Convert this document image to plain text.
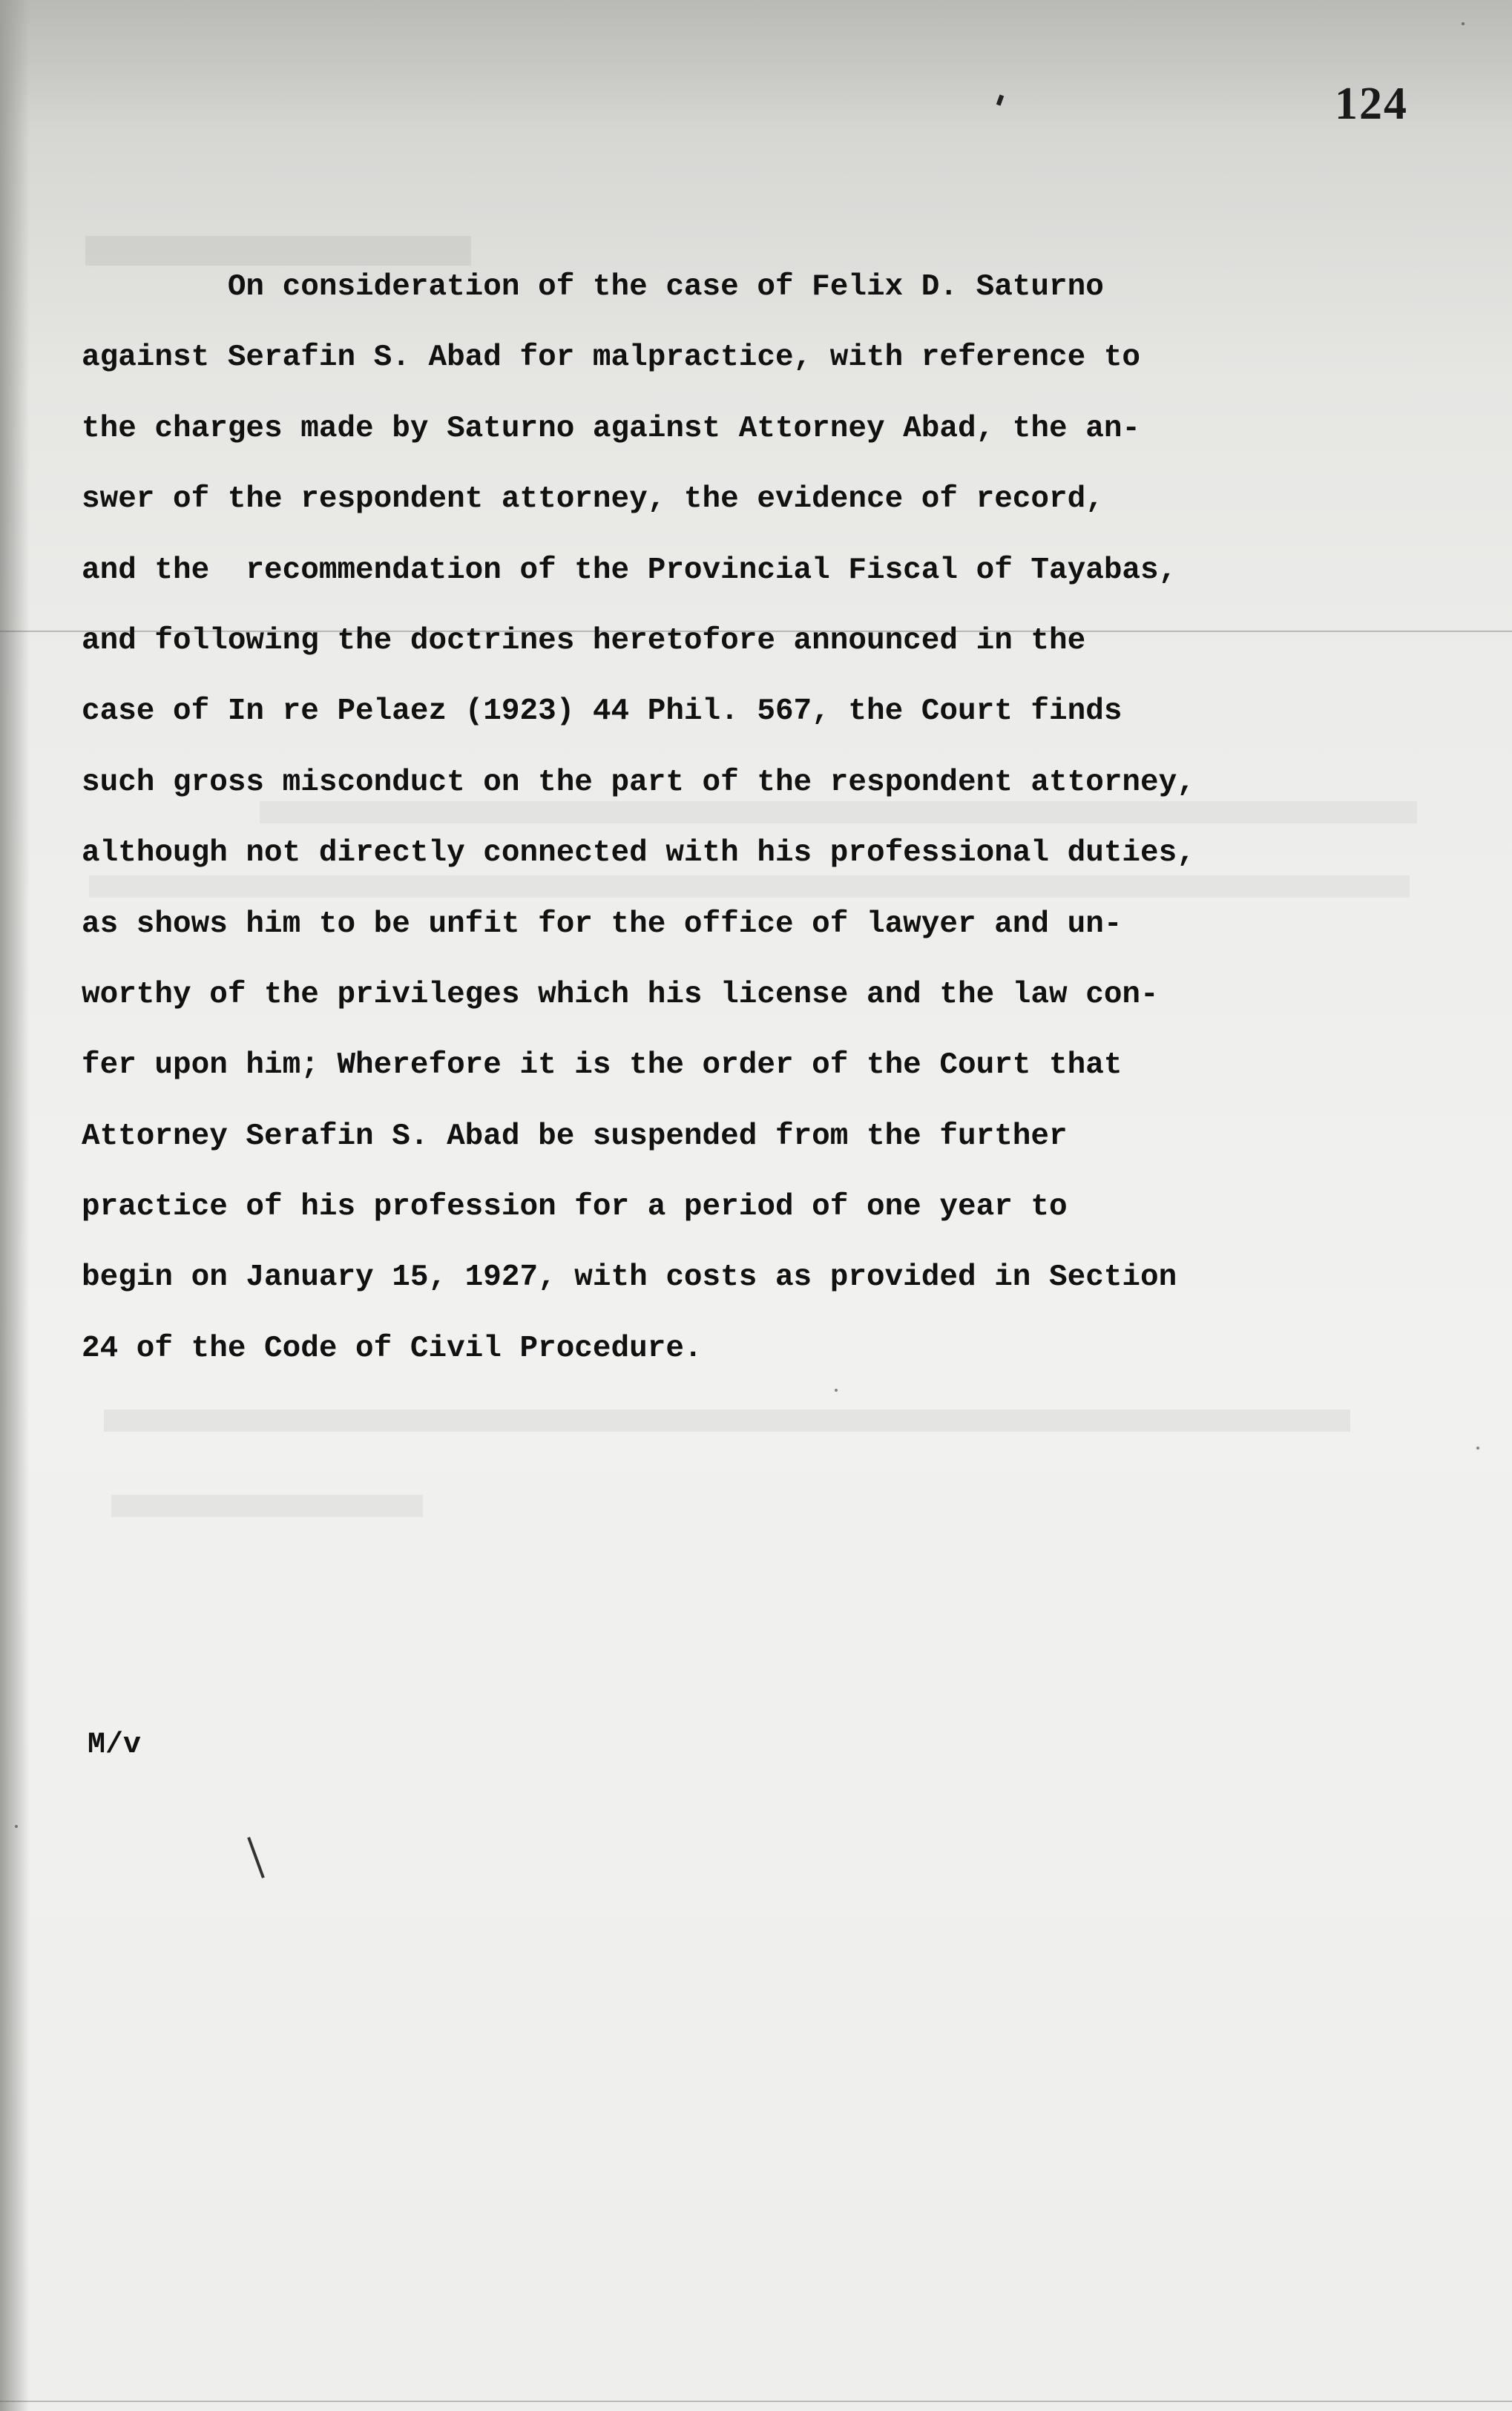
124
On consideration of the case of Felix D. Saturno
against Serafin S. Abad for malpractice, with reference to
the charges made by Saturno against Attorney Abad, the an-
swer of the respondent attorney, the evidence of record,
and the  recommendation of the Provincial Fiscal of Tayabas,
and following the doctrines heretofore announced in the
case of In re Pelaez (1923) 44 Phil. 567, the Court finds
such gross misconduct on the part of the respondent attorney,
although not directly connected with his professional duties,
as shows him to be unfit for the office of lawyer and un-
worthy of the privileges which his license and the law con-
fer upon him; Wherefore it is the order of the Court that
Attorney Serafin S. Abad be suspended from the further
practice of his profession for a period of one year to
begin on January 15, 1927, with costs as provided in Section
24 of the Code of Civil Procedure.
M/v
